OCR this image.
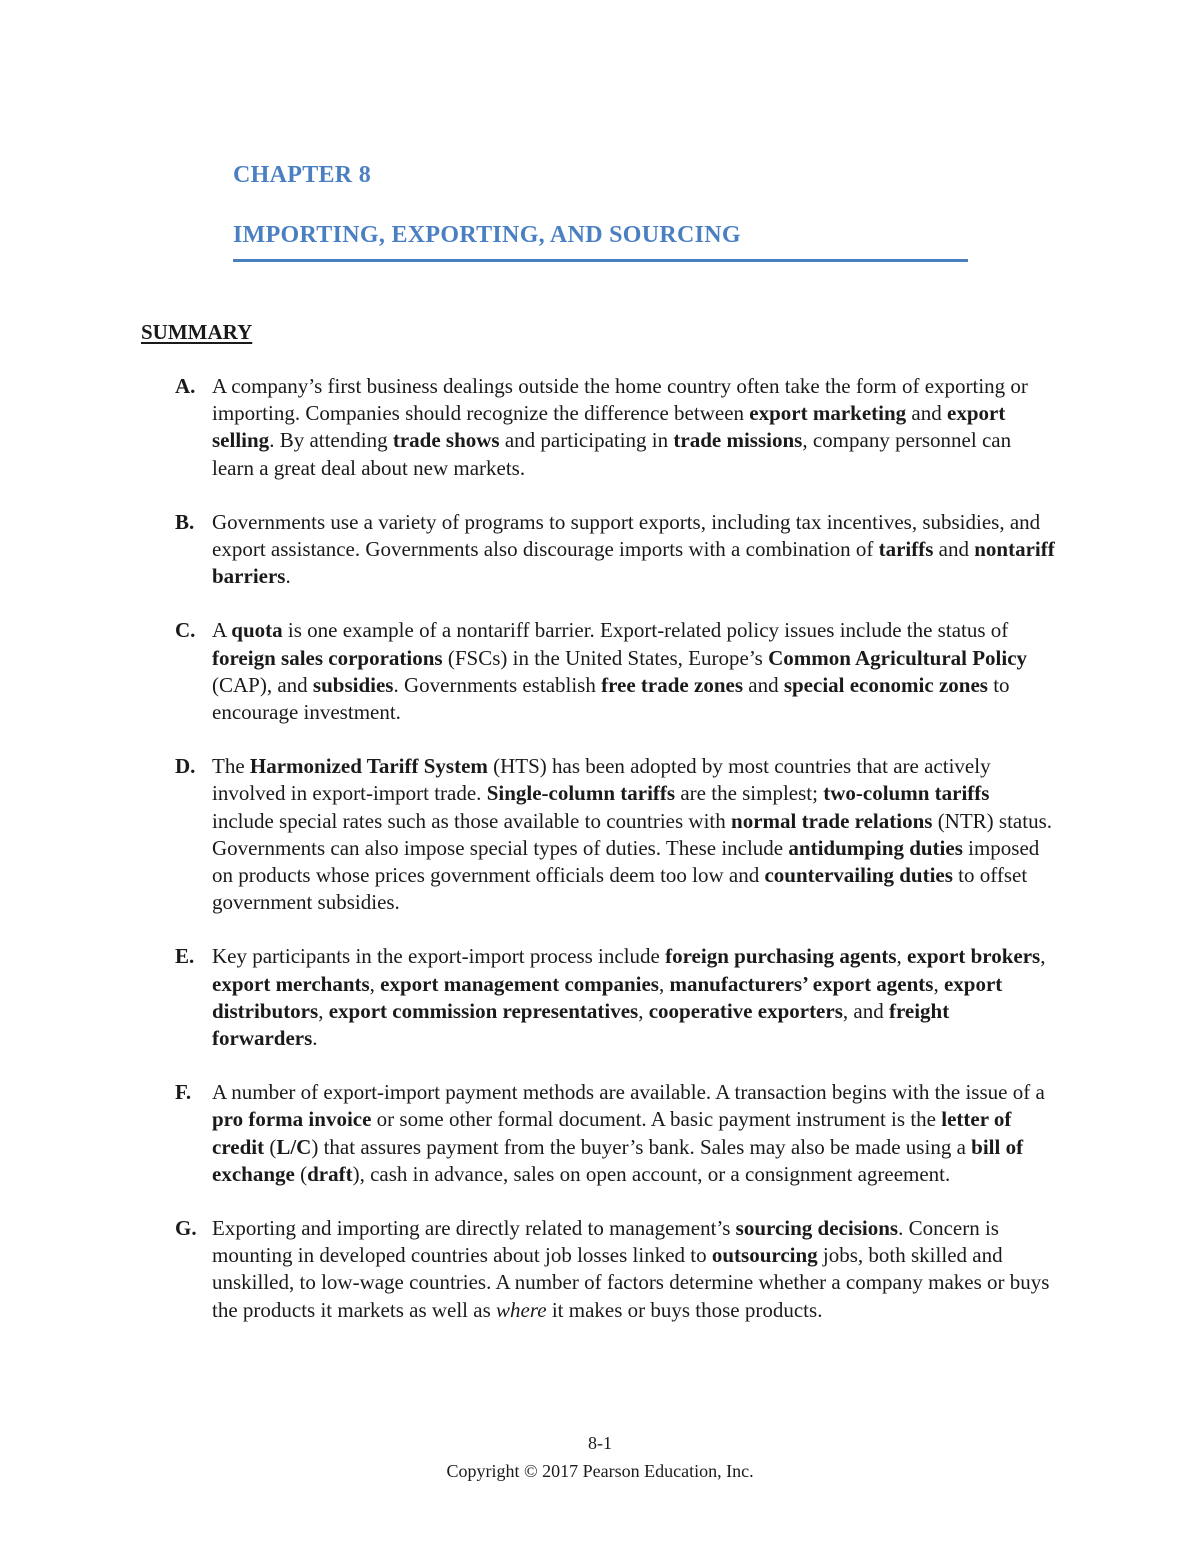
CHAPTER 8
IMPORTING, EXPORTING, AND SOURCING
SUMMARY
A. A company’s first business dealings outside the home country often take the form of exporting or importing. Companies should recognize the difference between export marketing and export selling. By attending trade shows and participating in trade missions, company personnel can learn a great deal about new markets.
B. Governments use a variety of programs to support exports, including tax incentives, subsidies, and export assistance. Governments also discourage imports with a combination of tariffs and nontariff barriers.
C. A quota is one example of a nontariff barrier. Export-related policy issues include the status of foreign sales corporations (FSCs) in the United States, Europe’s Common Agricultural Policy (CAP), and subsidies. Governments establish free trade zones and special economic zones to encourage investment.
D. The Harmonized Tariff System (HTS) has been adopted by most countries that are actively involved in export-import trade. Single-column tariffs are the simplest; two-column tariffs include special rates such as those available to countries with normal trade relations (NTR) status. Governments can also impose special types of duties. These include antidumping duties imposed on products whose prices government officials deem too low and countervailing duties to offset government subsidies.
E. Key participants in the export-import process include foreign purchasing agents, export brokers, export merchants, export management companies, manufacturers’ export agents, export distributors, export commission representatives, cooperative exporters, and freight forwarders.
F. A number of export-import payment methods are available. A transaction begins with the issue of a pro forma invoice or some other formal document. A basic payment instrument is the letter of credit (L/C) that assures payment from the buyer’s bank. Sales may also be made using a bill of exchange (draft), cash in advance, sales on open account, or a consignment agreement.
G. Exporting and importing are directly related to management’s sourcing decisions. Concern is mounting in developed countries about job losses linked to outsourcing jobs, both skilled and unskilled, to low-wage countries. A number of factors determine whether a company makes or buys the products it markets as well as where it makes or buys those products.
8-1
Copyright © 2017 Pearson Education, Inc.
